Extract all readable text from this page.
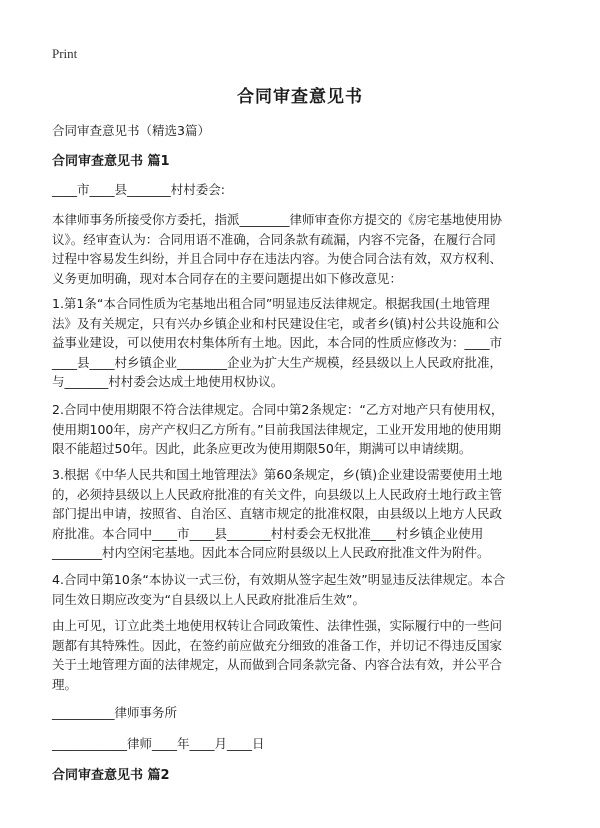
Print
合同审查意见书
合同审查意见书（精选3篇）
合同审查意见书 篇1
____市____县_______村村委会:
本律师事务所接受你方委托，指派________律师审查你方提交的《房宅基地使用协
议》。经审查认为：合同用语不准确，合同条款有疏漏，内容不完备，在履行合同
过程中容易发生纠纷，并且合同中存在违法内容。为使合同合法有效，双方权利、
义务更加明确，现对本合同存在的主要问题提出如下修改意见：
1.第1条“本合同性质为宅基地出租合同”明显违反法律规定。根据我国(土地管理
法》及有关规定，只有兴办乡镇企业和村民建设住宅，或者乡(镇)村公共设施和公
益事业建设，可以使用农村集体所有土地。因此，本合同的性质应修改为：____市
____县____村乡镇企业________企业为扩大生产规模，经县级以上人民政府批准，
与_______村村委会达成土地使用权协议。
2.合同中使用期限不符合法律规定。合同中第2条规定：“乙方对地产只有使用权，
使用期100年，房产产权归乙方所有。”目前我国法律规定，工业开发用地的使用期
限不能超过50年。因此，此条应更改为使用期限50年，期满可以申请续期。
3.根据《中华人民共和国土地管理法》第60条规定，乡(镇)企业建设需要使用土地
的，必须持县级以上人民政府批准的有关文件，向县级以上人民政府土地行政主管
部门提出申请，按照省、自治区、直辖市规定的批准权限，由县级以上地方人民政
府批准。本合同中____市____县_______村村委会无权批准____村乡镇企业使用
________村内空闲宅基地。因此本合同应附县级以上人民政府批准文件为附件。
4.合同中第10条“本协议一式三份，有效期从签字起生效”明显违反法律规定。本合
同生效日期应改变为“自县级以上人民政府批准后生效”。
由上可见，订立此类土地使用权转让合同政策性、法律性强，实际履行中的一些问
题都有其特殊性。因此，在签约前应做充分细致的准备工作，并切记不得违反国家
关于土地管理方面的法律规定，从而做到合同条款完备、内容合法有效，并公平合
理。
__________律师事务所
____________律师____年____月____日
合同审查意见书 篇2
